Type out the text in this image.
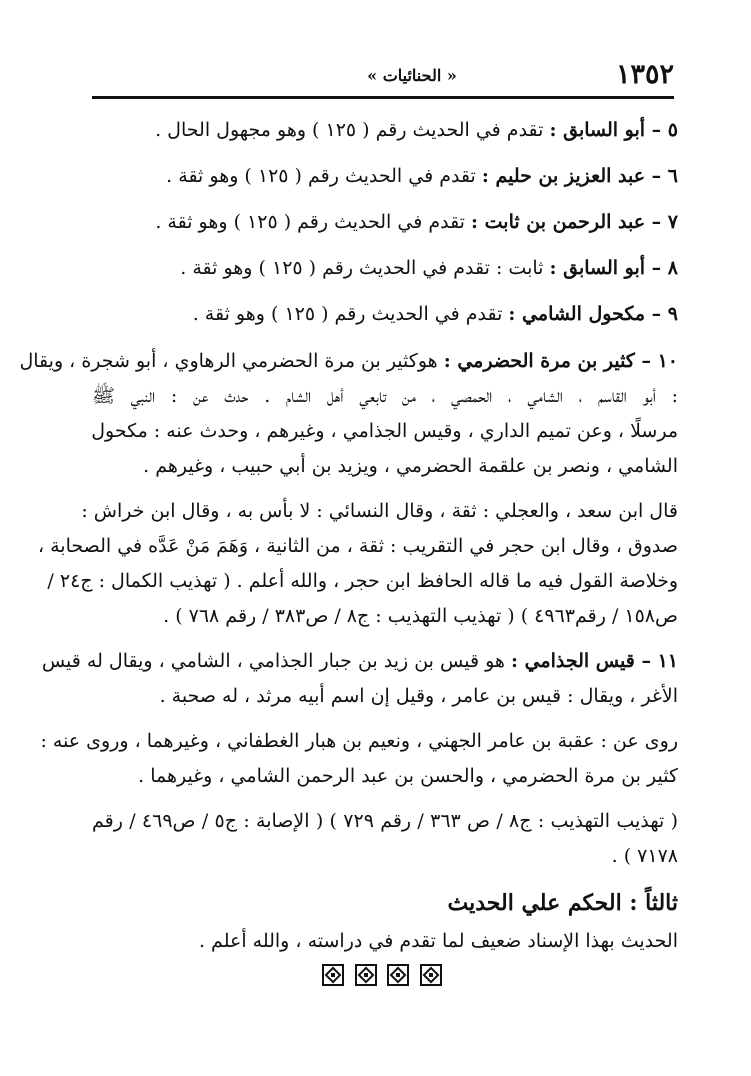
« الحنائيات »	١٣٥٢
٥ – أبو السابق : تقدم في الحديث رقم ( ١٢٥ ) وهو مجهول الحال .
٦ – عبد العزيز بن حليم : تقدم في الحديث رقم ( ١٢٥ ) وهو ثقة .
٧ – عبد الرحمن بن ثابت : تقدم في الحديث رقم ( ١٢٥ ) وهو ثقة .
٨ – أبو السابق : ثابت : تقدم في الحديث رقم ( ١٢٥ ) وهو ثقة .
٩ – مكحول الشامي : تقدم في الحديث رقم ( ١٢٥ ) وهو ثقة .
١٠ – كثير بن مرة الحضرمي : هوكثير بن مرة الحضرمي الرهاوي ، أبو شجرة ، ويقال
: أبو القاسم ، الشامي ، الحمصي ، من تابعي أهل الشام . حدث عن : النبي ﷺ
مرسلًا ، وعن تميم الداري ، وقيس الجذامي ، وغيرهم ، وحدث عنه : مكحول
الشامي ، ونصر بن علقمة الحضرمي ، ويزيد بن أبي حبيب ، وغيرهم .
قال ابن سعد ، والعجلي : ثقة ، وقال النسائي : لا بأس به ، وقال ابن خراش :
صدوق ، وقال ابن حجر في التقريب : ثقة ، من الثانية ، وَهَمَ مَنْ عَدَّه في الصحابة ،
وخلاصة القول فيه ما قاله الحافظ ابن حجر ، والله أعلم . ( تهذيب الكمال : ج٢٤ /
ص١٥٨ / رقم٤٩٦٣ ) ( تهذيب التهذيب : ج٨ / ص٣٨٣ / رقم ٧٦٨ ) .
١١ – قيس الجذامي : هو قيس بن زيد بن جبار الجذامي ، الشامي ، ويقال له قيس
الأغر ، ويقال : قيس بن عامر ، وقيل إن اسم أبيه مرثد ، له صحبة .
روى عن : عقبة بن عامر الجهني ، ونعيم بن هبار الغطفاني ، وغيرهما ، وروى عنه :
كثير بن مرة الحضرمي ، والحسن بن عبد الرحمن الشامي ، وغيرهما .
( تهذيب التهذيب : ج٨ / ص ٣٦٣ / رقم ٧٢٩ ) ( الإصابة : ج٥ / ص٤٦٩ / رقم
٧١٧٨ ) .
ثالثاً : الحكم علي الحديث
الحديث بهذا الإسناد ضعيف لما تقدم في دراسته ، والله أعلم .
